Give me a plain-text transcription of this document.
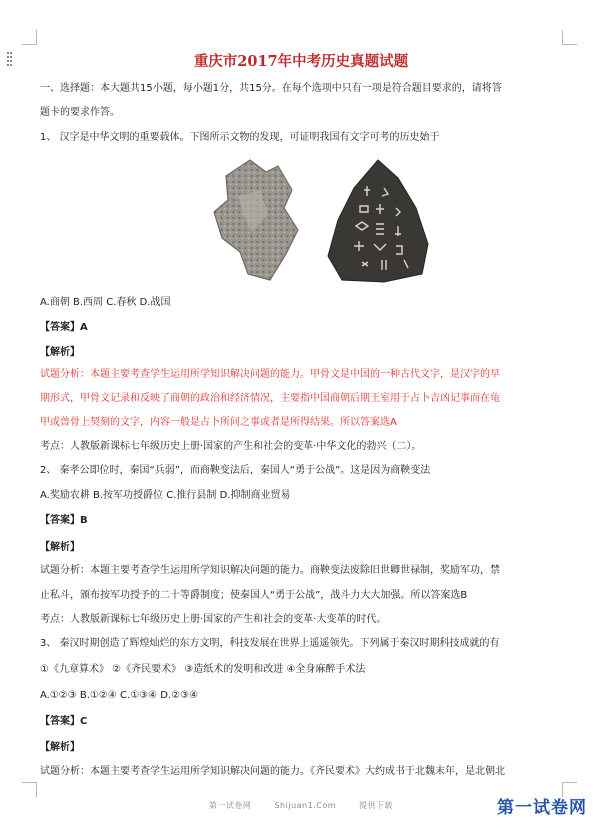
重庆市2017年中考历史真题试题
一、选择题：本大题共15小题，每小题1分，共15分。在每个选项中只有一项是符合题目要求的，请将答
题卡的要求作答。
1、 汉字是中华文明的重要载体。下图所示文物的发现，可证明我国有文字可考的历史始于
A.商朝 B.西周 C.春秋 D.战国
【答案】A
【解析】
试题分析：本题主要考查学生运用所学知识解决问题的能力。甲骨文是中国的一种古代文字，是汉字的早
期形式，甲骨文记录和反映了商朝的政治和经济情况，主要指中国商朝后期王室用于占卜吉凶记事而在龟
甲或兽骨上契刻的文字，内容一般是占卜所问之事或者是所得结果。所以答案选A
考点：人教版新课标七年级历史上册·国家的产生和社会的变革·中华文化的勃兴（二）。
2、 秦孝公即位时，秦国“兵弱”，而商鞅变法后，秦国人“勇于公战”。这是因为商鞅变法
A.奖励农耕 B.按军功授爵位 C.推行县制 D.抑制商业贸易
【答案】B
【解析】
试题分析：本题主要考查学生运用所学知识解决问题的能力。商鞅变法废除旧世卿世禄制，奖励军功，禁
止私斗，颁布按军功授予的二十等爵制度；使秦国人“勇于公战”，战斗力大大加强。所以答案选B
考点：人教版新课标七年级历史上册·国家的产生和社会的变革·大变革的时代。
3、 秦汉时期创造了辉煌灿烂的东方文明，科技发展在世界上遥遥领先。下列属于秦汉时期科技成就的有
①《九章算术》 ②《齐民要术》 ③造纸术的发明和改进 ④全身麻醉手术法
A.①②③ B.①②④ C.①③④ D.②③④
【答案】C
【解析】
试题分析：本题主要考查学生运用所学知识解决问题的能力。《齐民要术》大约成书于北魏末年，是北朝北
第一试卷网	Shijuan1.Com	提供下载	第一试卷网
